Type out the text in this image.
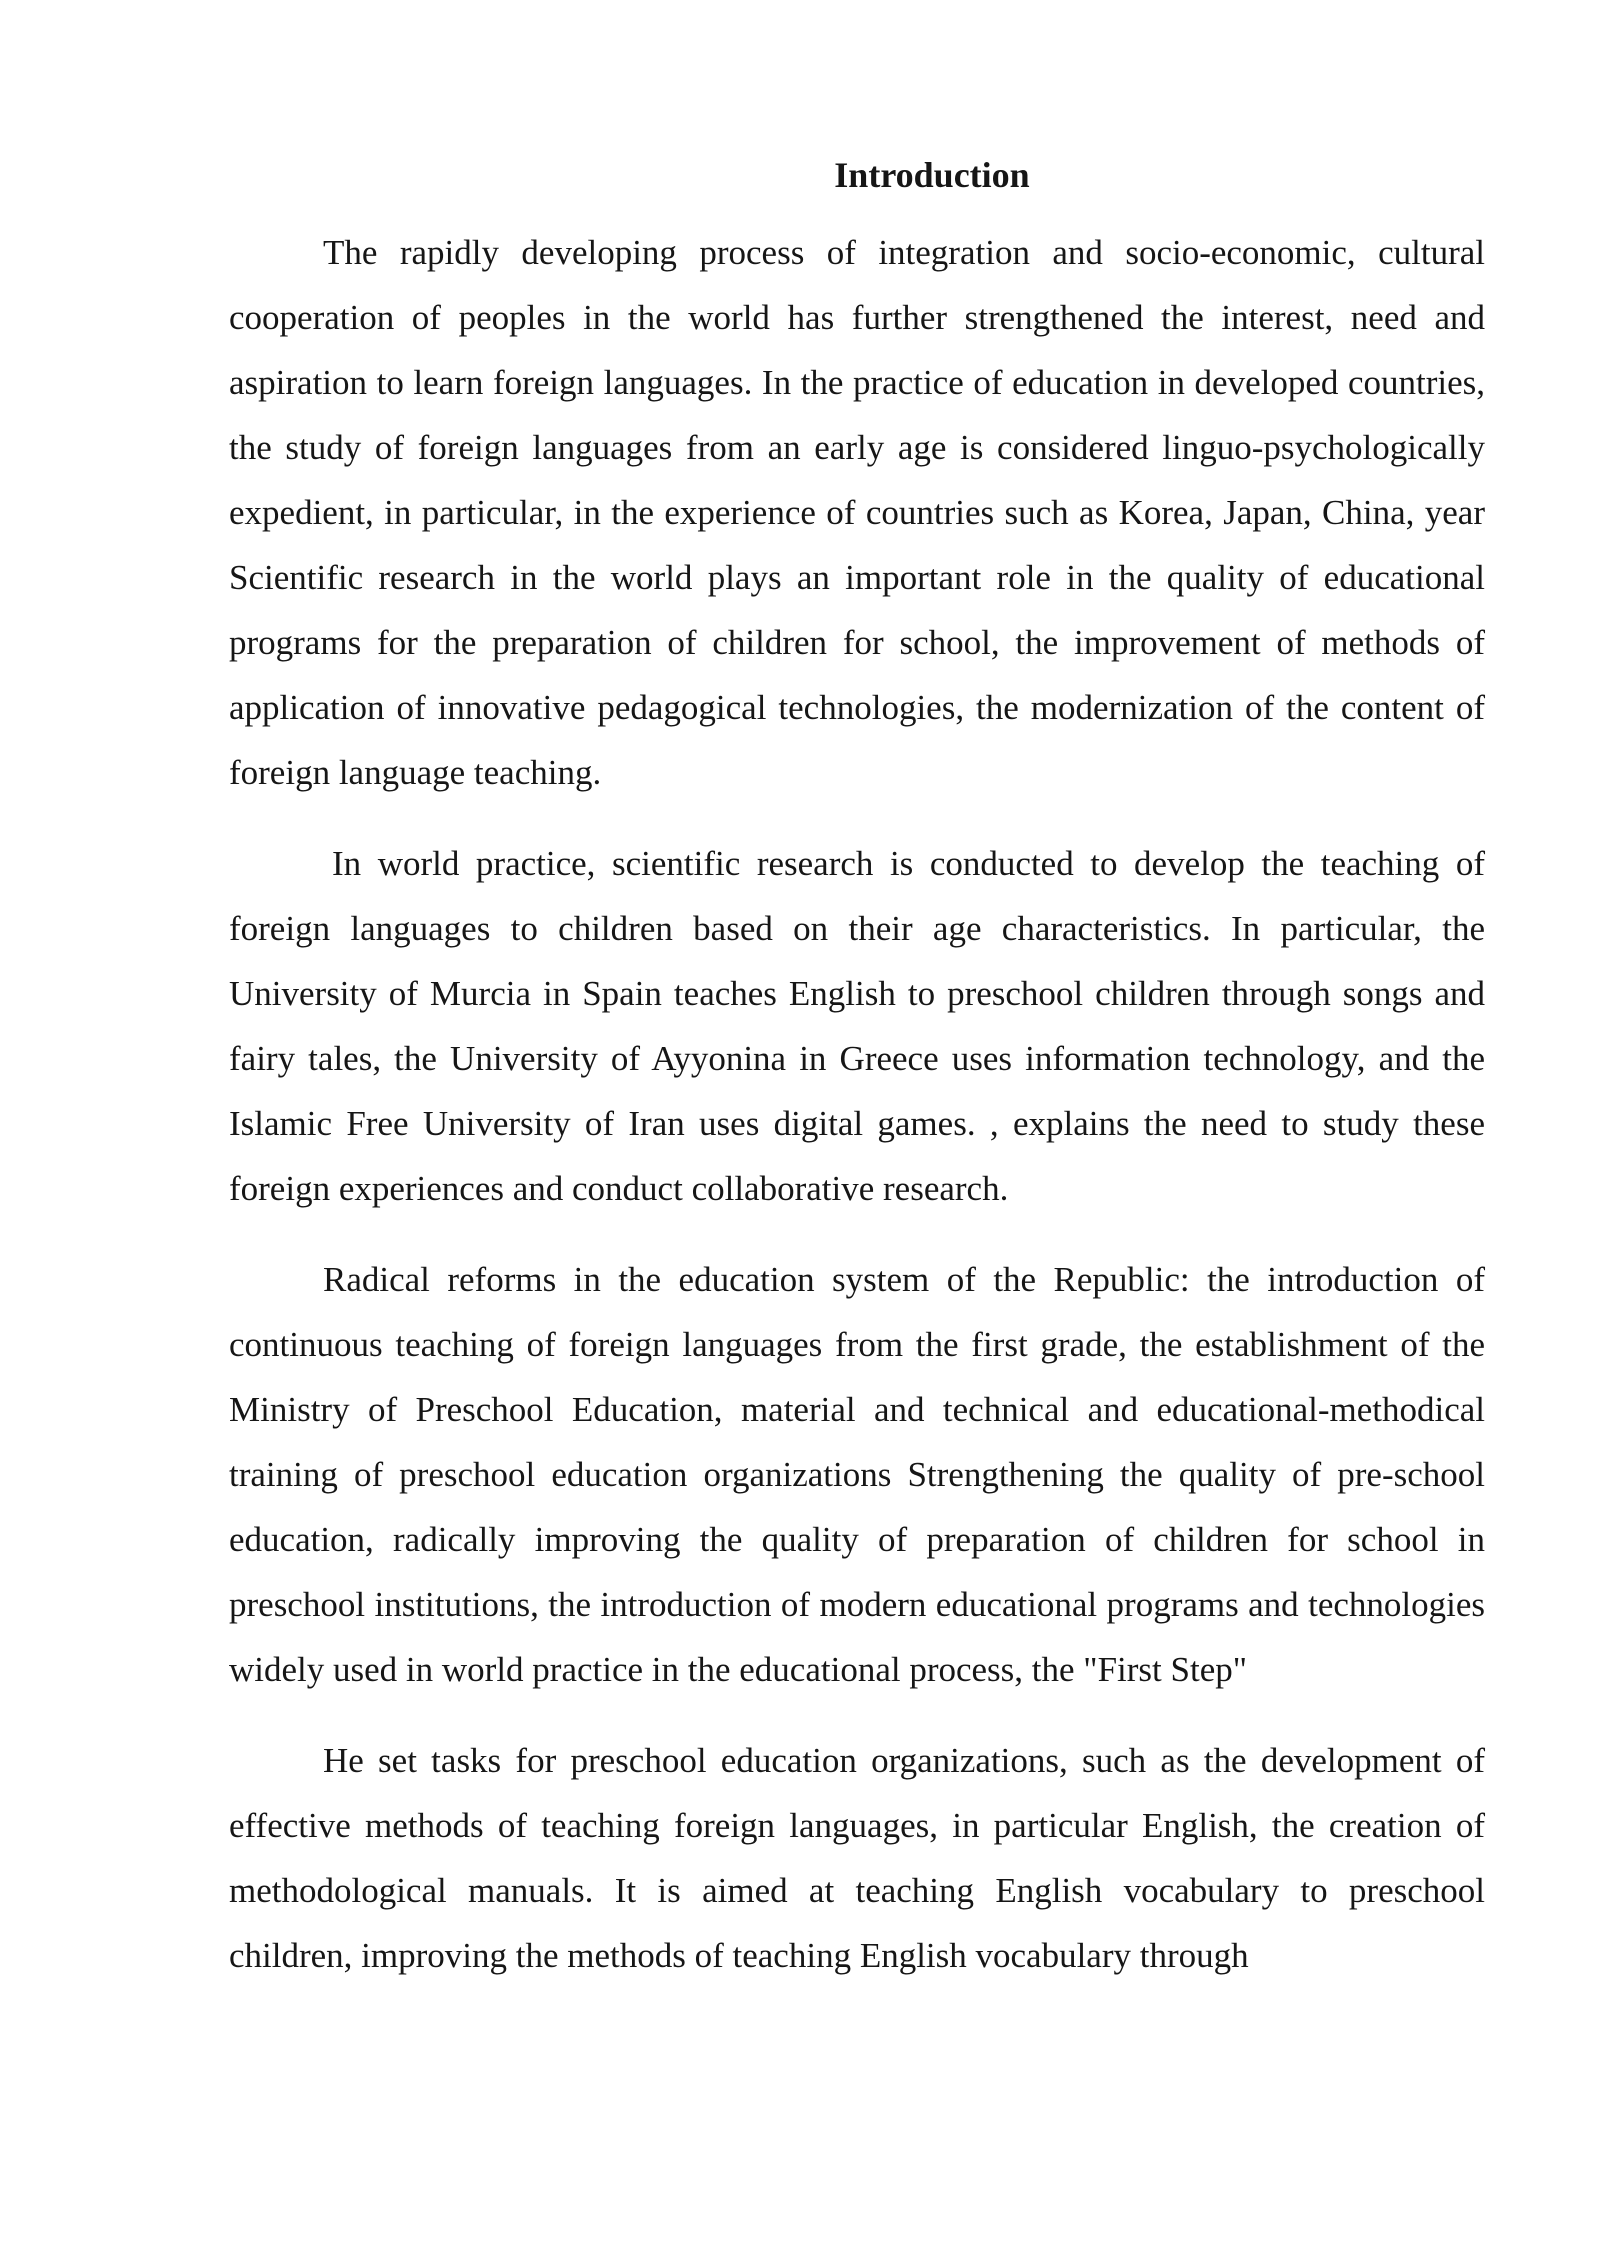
Introduction

The rapidly developing process of integration and socio-economic, cultural cooperation of peoples in the world has further strengthened the interest, need and aspiration to learn foreign languages. In the practice of education in developed countries, the study of foreign languages from an early age is considered linguo-psychologically expedient, in particular, in the experience of countries such as Korea, Japan, China, year Scientific research in the world plays an important role in the quality of educational programs for the preparation of children for school, the improvement of methods of application of innovative pedagogical technologies, the modernization of the content of foreign language teaching.

In world practice, scientific research is conducted to develop the teaching of foreign languages to children based on their age characteristics. In particular, the University of Murcia in Spain teaches English to preschool children through songs and fairy tales, the University of Ayyonina in Greece uses information technology, and the Islamic Free University of Iran uses digital games. , explains the need to study these foreign experiences and conduct collaborative research.

Radical reforms in the education system of the Republic: the introduction of continuous teaching of foreign languages from the first grade, the establishment of the Ministry of Preschool Education, material and technical and educational-methodical training of preschool education organizations Strengthening the quality of pre-school education, radically improving the quality of preparation of children for school in preschool institutions, the introduction of modern educational programs and technologies widely used in world practice in the educational process, the "First Step"

He set tasks for preschool education organizations, such as the development of effective methods of teaching foreign languages, in particular English, the creation of methodological manuals. It is aimed at teaching English vocabulary to preschool children, improving the methods of teaching English vocabulary through
